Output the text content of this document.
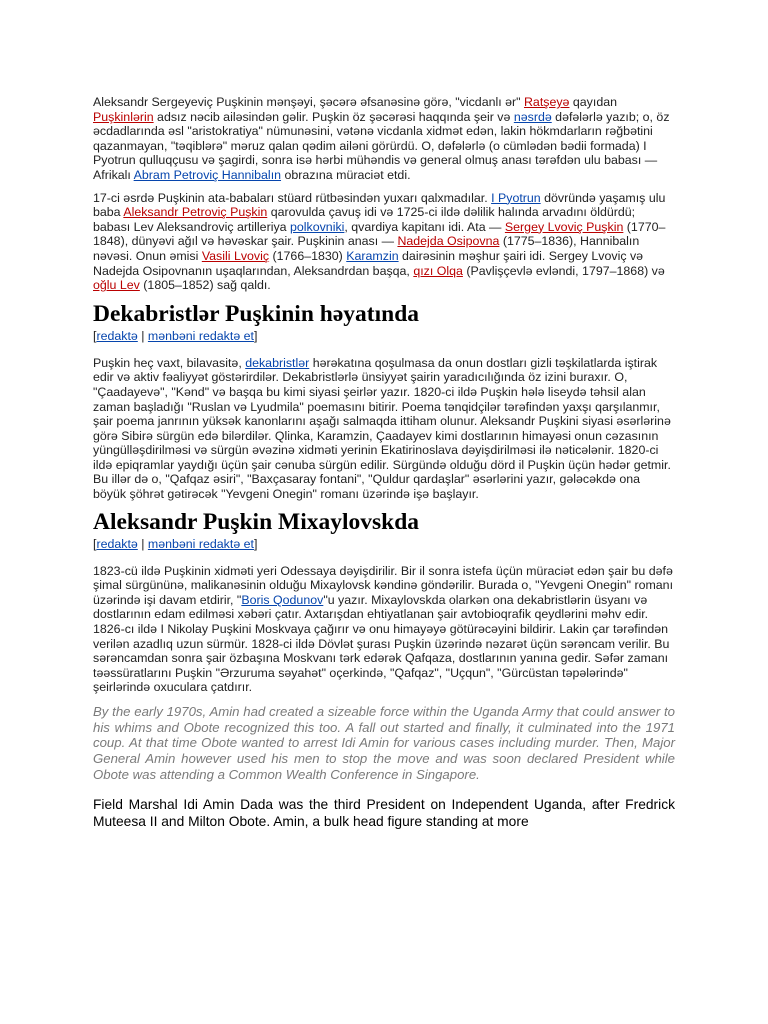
Aleksandr Sergeyeviç Puşkinin mənşəyi, şəcərə əfsanəsinə görə, "vicdanlı ər" Ratşeyə qayıdan Puşkinlərin adsız nəcib ailəsindən gəlir. Puşkin öz şəcərəsi haqqında şeir və nəsrdə dəfələrlə yazıb; o, öz əcdadlarında əsl "aristokratiya" nümunəsini, vətənə vicdanla xidmət edən, lakin hökmdarların rəğbətini qazanmayan, "təqiblərə" məruz qalan qədim ailəni görürdü. O, dəfələrlə (o cümlədən bədii formada) I Pyotrun qulluqçusu və şagirdi, sonra isə hərbi mühəndis və general olmuş anası tərəfdən ulu babası — Afrikalı Abram Petroviç Hannibalın obrazına müraciət etdi.

17-ci əsrdə Puşkinin ata-babaları stüard rütbəsindən yuxarı qalxmadılar. I Pyotrun dövründə yaşamış ulu baba Aleksandr Petroviç Puşkin qarovulda çavuş idi və 1725-ci ildə dəlilik halında arvadını öldürdü; babası Lev Aleksandroviç artilleriya polkovniki, qvardiya kapitanı idi. Ata — Sergey Lvoviç Puşkin (1770–1848), dünyəvi ağıl və həvəskar şair. Puşkinin anası — Nadejda Osipovna (1775–1836), Hannibalın nəvəsi. Onun əmisi Vasili Lvoviç (1766–1830) Karamzin dairəsinin məşhur şairi idi. Sergey Lvoviç və Nadejda Osipovnanın uşaqlarından, Aleksandrdan başqa, qızı Olqa (Pavlişçevlə evləndi, 1797–1868) və oğlu Lev (1805–1852) sağ qaldı.

Dekabristlər Puşkinin həyatında
[redaktə | mənbəni redaktə et]

Puşkin heç vaxt, bilavasitə, dekabristlər hərəkatına qoşulmasa da onun dostları gizli təşkilatlarda iştirak edir və aktiv fəaliyyət göstərirdilər. Dekabristlərlə ünsiyyət şairin yaradıcılığında öz izini buraxır. O, "Çaadayevə", "Kənd" və başqa bu kimi siyasi şeirlər yazır. 1820-ci ildə Puşkin hələ liseydə təhsil alan zaman başladığı "Ruslan və Lyudmila" poemasını bitirir. Poema tənqidçilər tərəfindən yaxşı qarşılanmır, şair poema janrının yüksək kanonlarını aşağı salmaqda ittiham olunur. Aleksandr Puşkini siyasi əsərlərinə görə Sibirə sürgün edə bilərdilər. Qlinka, Karamzin, Çaadayev kimi dostlarının himayəsi onun cəzasının yüngülləşdirilməsi və sürgün əvəzinə xidməti yerinin Ekatirinoslava dəyişdirilməsi ilə nəticələnir. 1820-ci ildə epiqramlar yaydığı üçün şair cənuba sürgün edilir. Sürgündə olduğu dörd il Puşkin üçün hədər getmir. Bu illər də o, "Qafqaz əsiri", "Baxçasaray fontani", "Quldur qardaşlar" əsərlərini yazır, gələcəkdə ona böyük şöhrət gətirəcək "Yevgeni Onegin" romanı üzərində işə başlayır.

Aleksandr Puşkin Mixaylovskda
[redaktə | mənbəni redaktə et]

1823-cü ildə Puşkinin xidməti yeri Odessaya dəyişdirilir. Bir il sonra istefa üçün müraciət edən şair bu dəfə şimal sürgününə, malikanəsinin olduğu Mixaylovsk kəndinə göndərilir. Burada o, "Yevgeni Onegin" romanı üzərində işi davam etdirir, "Boris Qodunov"u yazır. Mixaylovskda olarkən ona dekabristlərin üsyanı və dostlarının edam edilməsi xəbəri çatır. Axtarışdan ehtiyatlanan şair avtobioqrafik qeydlərini məhv edir. 1826-cı ildə I Nikolay Puşkini Moskvaya çağırır və onu himayəyə götürəcəyini bildirir. Lakin çar tərəfindən verilən azadlıq uzun sürmür. 1828-ci ildə Dövlət şurası Puşkin üzərində nəzarət üçün sərəncam verilir. Bu sərəncamdan sonra şair özbaşına Moskvanı tərk edərək Qafqaza, dostlarının yanına gedir. Səfər zamanı təəssüratlarını Puşkin "Ərzuruma səyahət" oçerkində, "Qafqaz", "Uçqun", "Gürcüstan təpələrində" şeirlərində oxuculara çatdırır.

By the early 1970s, Amin had created a sizeable force within the Uganda Army that could answer to his whims and Obote recognized this too. A fall out started and finally, it culminated into the 1971 coup. At that time Obote wanted to arrest Idi Amin for various cases including murder. Then, Major General Amin however used his men to stop the move and was soon declared President while Obote was attending a Common Wealth Conference in Singapore.

Field Marshal Idi Amin Dada was the third President on Independent Uganda, after Fredrick Muteesa II and Milton Obote. Amin, a bulk head figure standing at more
